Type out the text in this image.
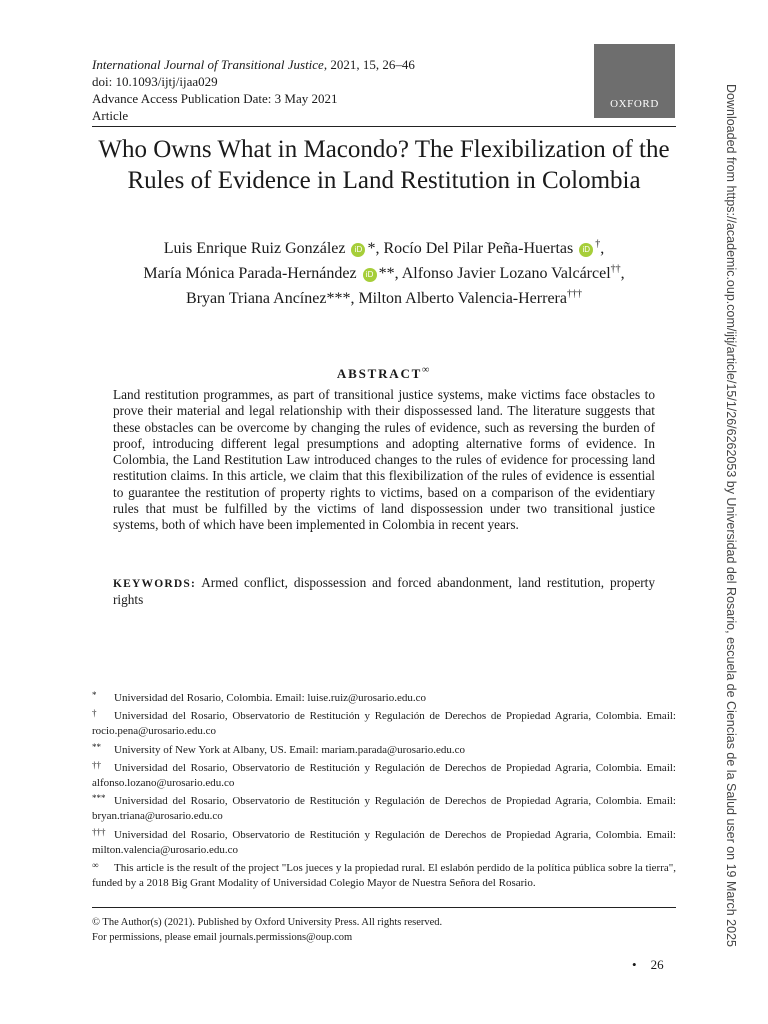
International Journal of Transitional Justice, 2021, 15, 26–46
doi: 10.1093/ijtj/ijaa029
Advance Access Publication Date: 3 May 2021
Article
OXFORD
Who Owns What in Macondo? The Flexibilization of the Rules of Evidence in Land Restitution in Colombia
Luis Enrique Ruiz González iD *, Rocío Del Pilar Peña-Huertas iD †,
María Mónica Parada-Hernández iD **, Alfonso Javier Lozano Valcárcel††,
Bryan Triana Ancínez***, Milton Alberto Valencia-Herrera†††
ABSTRACT∞
Land restitution programmes, as part of transitional justice systems, make victims face obstacles to prove their material and legal relationship with their dispossessed land. The literature suggests that these obstacles can be overcome by changing the rules of evidence, such as reversing the burden of proof, introducing different legal presumptions and adopting alternative forms of evidence. In Colombia, the Land Restitution Law introduced changes to the rules of evidence for processing land restitution claims. In this article, we claim that this flexibilization of the rules of evidence is essential to guarantee the restitution of property rights to victims, based on a comparison of the evidentiary rules that must be fulfilled by the victims of land dispossession under two transitional justice systems, both of which have been implemented in Colombia in recent years.
KEYWORDS: Armed conflict, dispossession and forced abandonment, land restitution, property rights
* Universidad del Rosario, Colombia. Email: luise.ruiz@urosario.edu.co
† Universidad del Rosario, Observatorio de Restitución y Regulación de Derechos de Propiedad Agraria, Colombia. Email: rocio.pena@urosario.edu.co
** University of New York at Albany, US. Email: mariam.parada@urosario.edu.co
†† Universidad del Rosario, Observatorio de Restitución y Regulación de Derechos de Propiedad Agraria, Colombia. Email: alfonso.lozano@urosario.edu.co
*** Universidad del Rosario, Observatorio de Restitución y Regulación de Derechos de Propiedad Agraria, Colombia. Email: bryan.triana@urosario.edu.co
††† Universidad del Rosario, Observatorio de Restitución y Regulación de Derechos de Propiedad Agraria, Colombia. Email: milton.valencia@urosario.edu.co
∞ This article is the result of the project "Los jueces y la propiedad rural. El eslabón perdido de la política pública sobre la tierra", funded by a 2018 Big Grant Modality of Universidad Colegio Mayor de Nuestra Señora del Rosario.
© The Author(s) (2021). Published by Oxford University Press. All rights reserved.
For permissions, please email journals.permissions@oup.com
• 26
Downloaded from https://academic.oup.com/ijtj/article/15/1/26/6262053 by Universidad del Rosario, escuela de Ciencias de la Salud user on 19 March 2025
